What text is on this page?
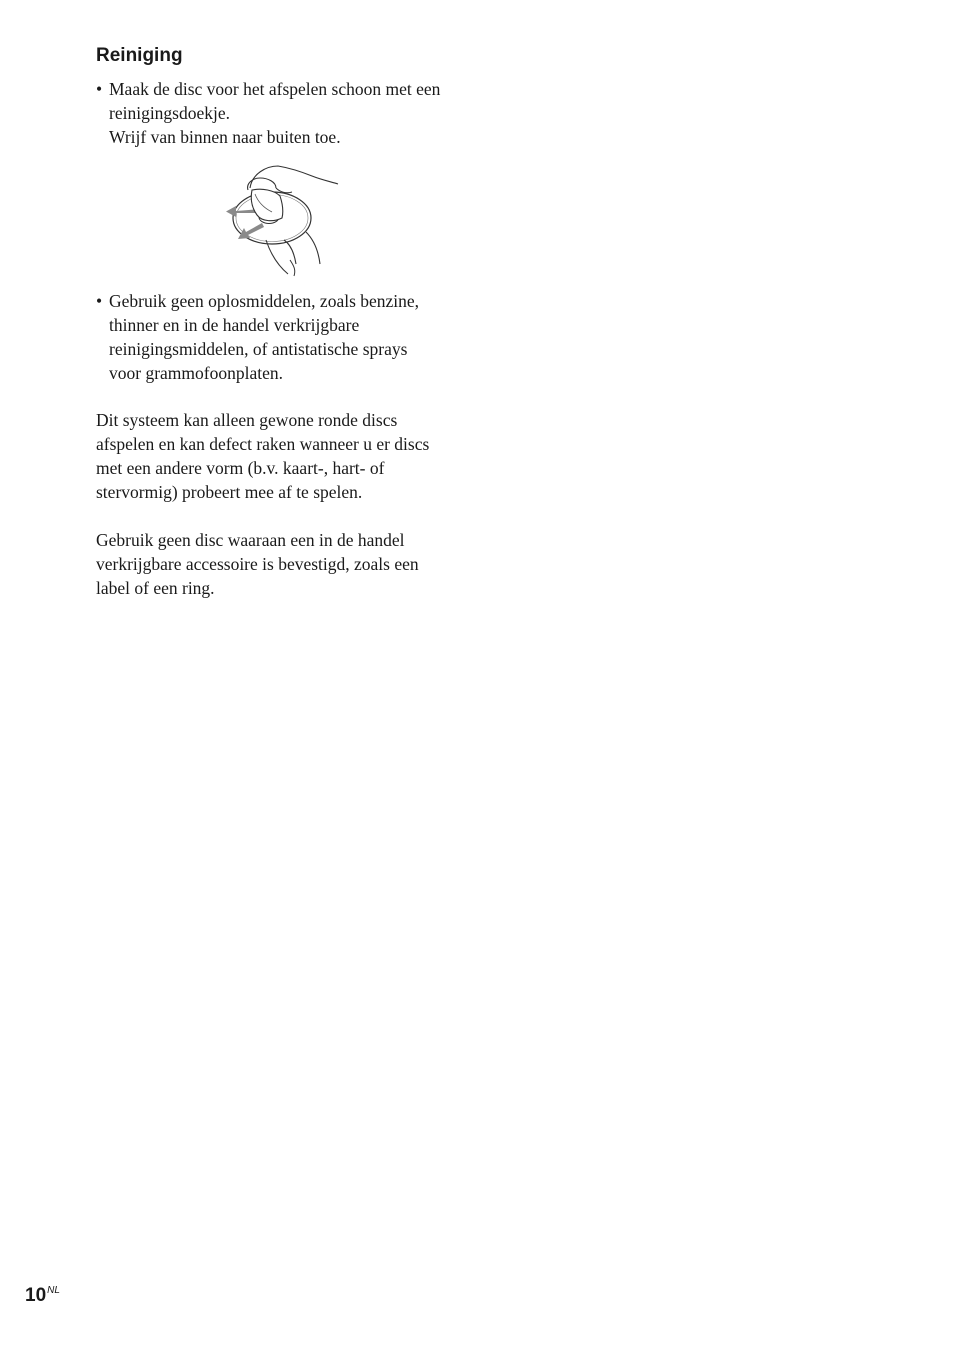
Reiniging
• Maak de disc voor het afspelen schoon met een
reinigingsdoekje.
Wrijf van binnen naar buiten toe.
• Gebruik geen oplosmiddelen, zoals benzine,
thinner en in de handel verkrijgbare
reinigingsmiddelen, of antistatische sprays
voor grammofoonplaten.
Dit systeem kan alleen gewone ronde discs
afspelen en kan defect raken wanneer u er discs
met een andere vorm (b.v. kaart-, hart- of
stervormig) probeert mee af te spelen.
Gebruik geen disc waaraan een in de handel
verkrijgbare accessoire is bevestigd, zoals een
label of een ring.
$10^{NL}$
